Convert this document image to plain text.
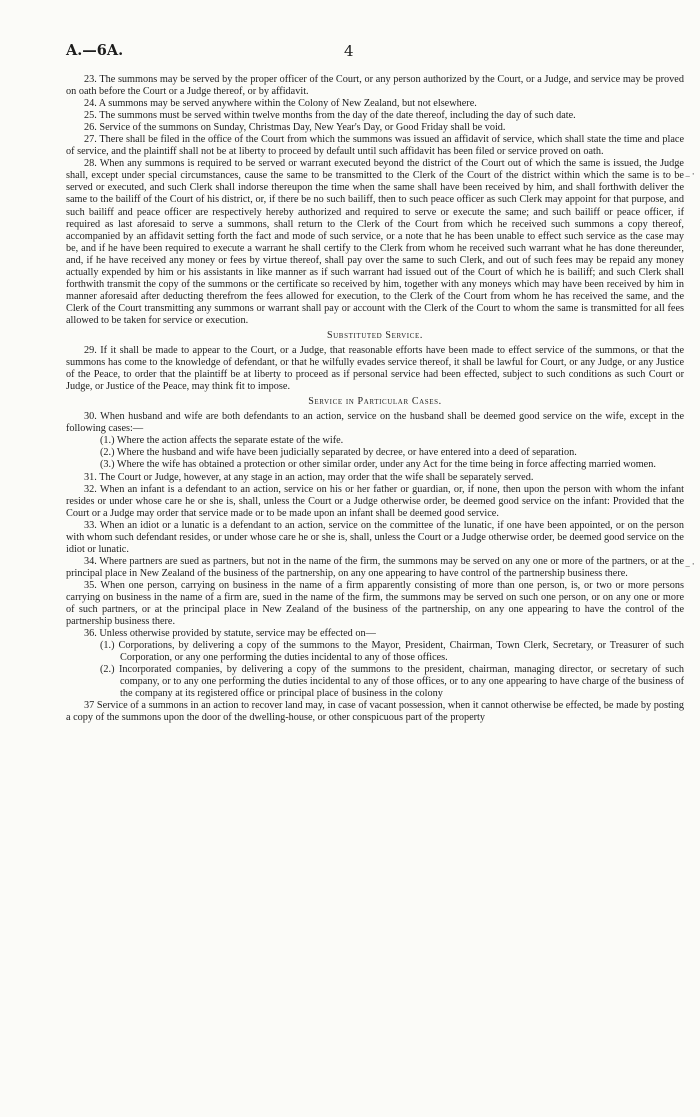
A.—6A.	4

23. The summons may be served by the proper officer of the Court, or any person authorized by the Court, or a Judge, and service may be proved on oath before the Court or a Judge thereof, or by affidavit.

24. A summons may be served anywhere within the Colony of New Zealand, but not elsewhere.

25. The summons must be served within twelve months from the day of the date thereof, including the day of such date.

26. Service of the summons on Sunday, Christmas Day, New Year's Day, or Good Friday shall be void.

27. There shall be filed in the office of the Court from which the summons was issued an affidavit of service, which shall state the time and place of service, and the plaintiff shall not be at liberty to proceed by default until such affidavit has been filed or service proved on oath.

28. When any summons is required to be served or warrant executed beyond the district of the Court out of which the same is issued, the Judge shall, except under special circumstances, cause the same to be transmitted to the Clerk of the Court of the district within which the same is to be served or executed, and such Clerk shall indorse thereupon the time when the same shall have been received by him, and shall forthwith deliver the same to the bailiff of the Court of his district, or, if there be no such bailiff, then to such peace officer as such Clerk may appoint for that purpose, and such bailiff and peace officer are respectively hereby authorized and required to serve or execute the same; and such bailiff or peace officer, if required as last aforesaid to serve a summons, shall return to the Clerk of the Court from which he received such summons a copy thereof, accompanied by an affidavit setting forth the fact and mode of such service, or a note that he has been unable to effect such service as the case may be, and if he have been required to execute a warrant he shall certify to the Clerk from whom he received such warrant what he has done thereunder, and, if he have received any money or fees by virtue thereof, shall pay over the same to such Clerk, and out of such fees may be repaid any money actually expended by him or his assistants in like manner as if such warrant had issued out of the Court of which he is bailiff; and such Clerk shall forthwith transmit the copy of the summons or the certificate so received by him, together with any moneys which may have been received by him in manner aforesaid after deducting therefrom the fees allowed for execution, to the Clerk of the Court from whom he has received the same, and the Clerk of the Court transmitting any summons or warrant shall pay or account with the Clerk of the Court to whom the same is transmitted for all fees allowed to be taken for service or execution.

Substituted Service.

29. If it shall be made to appear to the Court, or a Judge, that reasonable efforts have been made to effect service of the summons, or that the summons has come to the knowledge of defendant, or that he wilfully evades service thereof, it shall be lawful for Court, or any Judge, or any Justice of the Peace, to order that the plaintiff be at liberty to proceed as if personal service had been effected, subject to such conditions as such Court or Judge, or Justice of the Peace, may think fit to impose.

Service in Particular Cases.

30. When husband and wife are both defendants to an action, service on the husband shall be deemed good service on the wife, except in the following cases:—

(1.) Where the action affects the separate estate of the wife.

(2.) Where the husband and wife have been judicially separated by decree, or have entered into a deed of separation.

(3.) Where the wife has obtained a protection or other similar order, under any Act for the time being in force affecting married women.

31. The Court or Judge, however, at any stage in an action, may order that the wife shall be separately served.

32. When an infant is a defendant to an action, service on his or her father or guardian, or, if none, then upon the person with whom the infant resides or under whose care he or she is, shall, unless the Court or a Judge otherwise order, be deemed good service on the infant: Provided that the Court or a Judge may order that service made or to be made upon an infant shall be deemed good service.

33. When an idiot or a lunatic is a defendant to an action, service on the committee of the lunatic, if one have been appointed, or on the person with whom such defendant resides, or under whose care he or she is, shall, unless the Court or a Judge otherwise order, be deemed good service on the idiot or lunatic.

34. Where partners are sued as partners, but not in the name of the firm, the summons may be served on any one or more of the partners, or at the principal place in New Zealand of the business of the partnership, on any one appearing to have control of the partnership business there.

35. When one person, carrying on business in the name of a firm apparently consisting of more than one person, is, or two or more persons carrying on business in the name of a firm are, sued in the name of the firm, the summons may be served on such one person, or on any one or more of such partners, or at the principal place in New Zealand of the business of the partnership, on any one appearing to have the control of the partnership business there.

36. Unless otherwise provided by statute, service may be effected on—

(1.) Corporations, by delivering a copy of the summons to the Mayor, President, Chairman, Town Clerk, Secretary, or Treasurer of such Corporation, or any one performing the duties incidental to any of those offices.

(2.) Incorporated companies, by delivering a copy of the summons to the president, chairman, managing director, or secretary of such company, or to any one performing the duties incidental to any of those offices, or to any one appearing to have charge of the business of the company at its registered office or principal place of business in the colony

37 Service of a summons in an action to recover land may, in case of vacant possession, when it cannot otherwise be effected, be made by posting a copy of the summons upon the door of the dwelling-house, or other conspicuous part of the property

⁻˙
⁻˙
